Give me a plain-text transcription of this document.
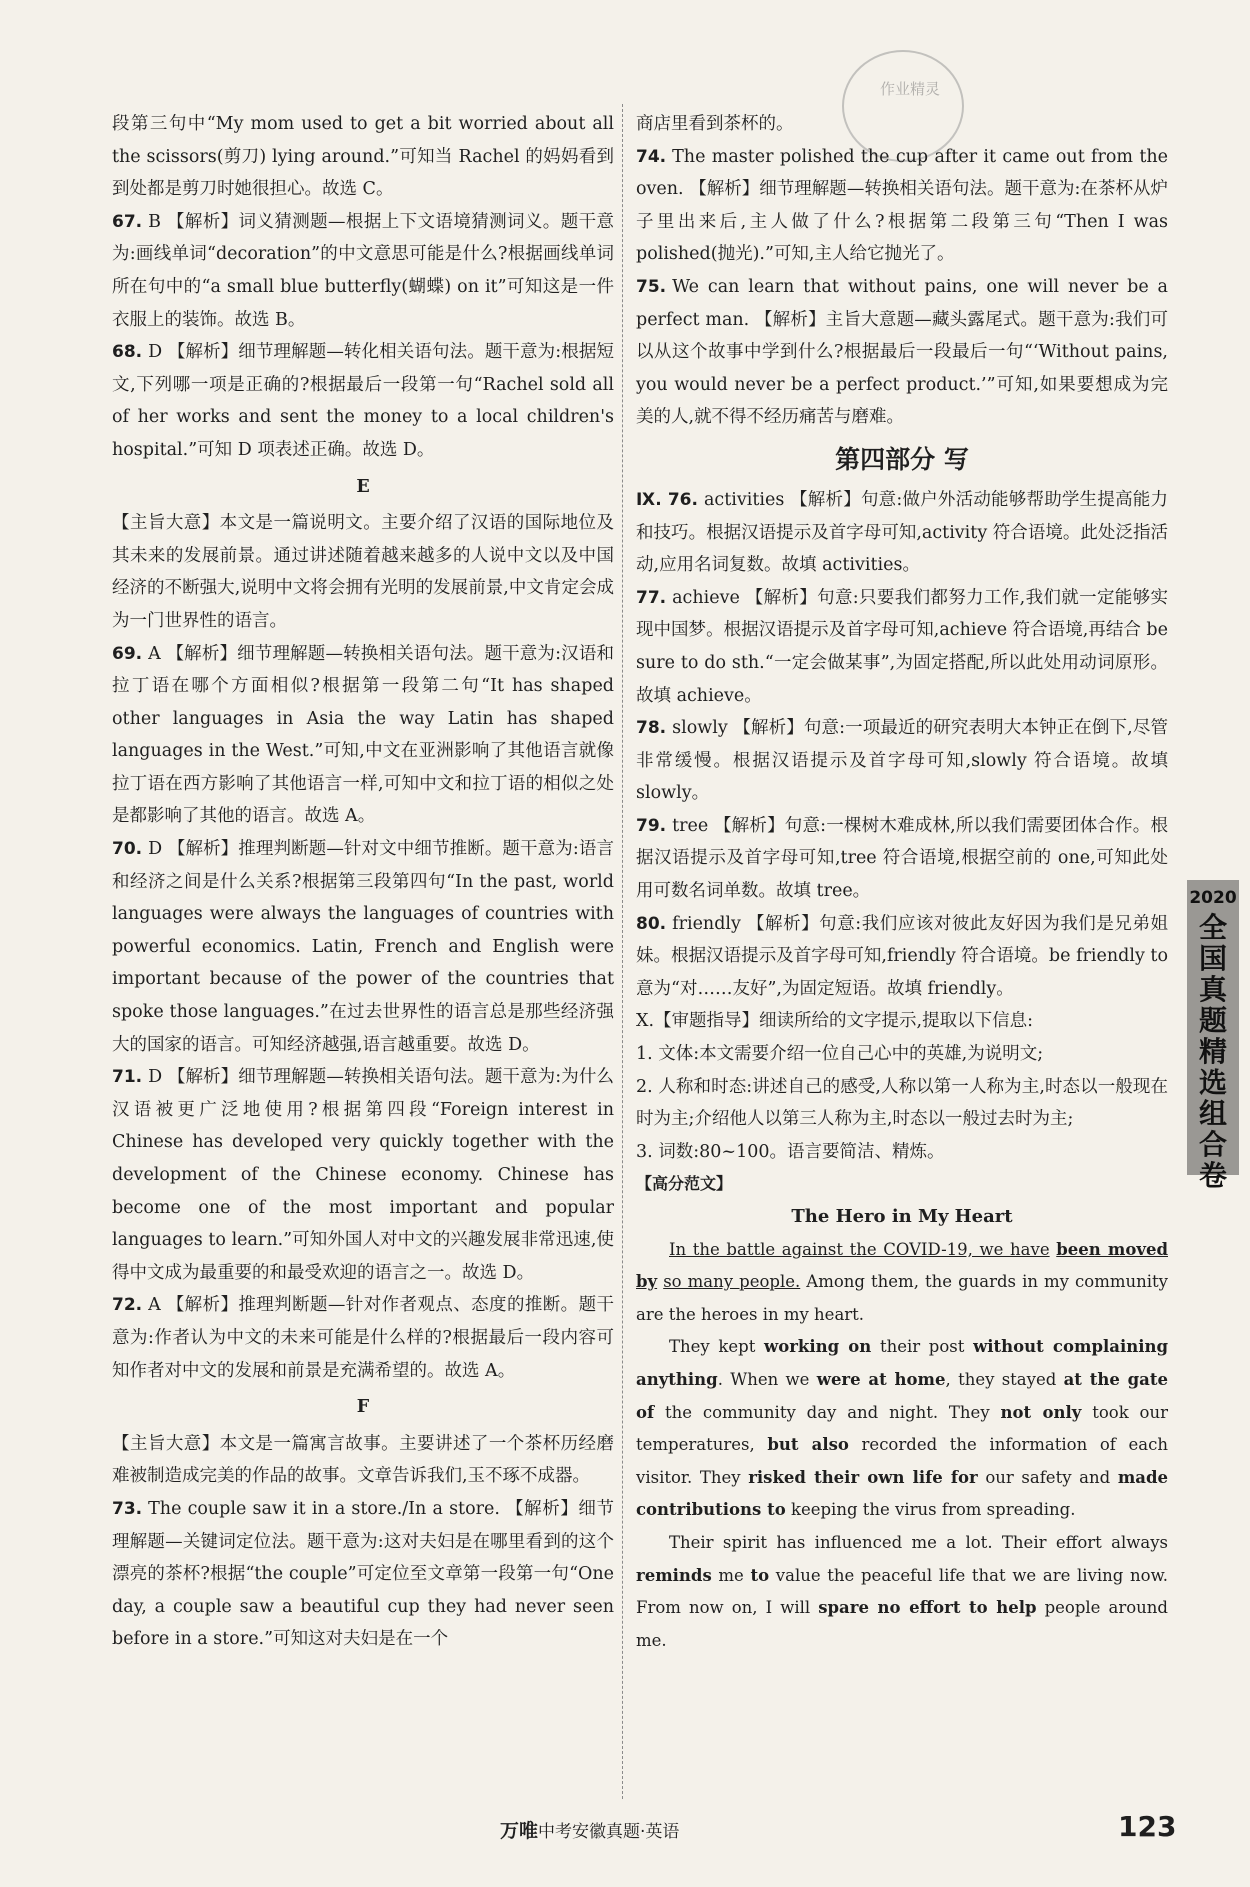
作业精灵

段第三句中“My mom used to get a bit worried about all the scissors(剪刀) lying around.”可知当 Rachel 的妈妈看到到处都是剪刀时她很担心。故选 C。

67. B 【解析】词义猜测题—根据上下文语境猜测词义。题干意为:画线单词“decoration”的中文意思可能是什么?根据画线单词所在句中的“a small blue butterfly(蝴蝶) on it”可知这是一件衣服上的装饰。故选 B。

68. D 【解析】细节理解题—转化相关语句法。题干意为:根据短文,下列哪一项是正确的?根据最后一段第一句“Rachel sold all of her works and sent the money to a local children's hospital.”可知 D 项表述正确。故选 D。

E

【主旨大意】本文是一篇说明文。主要介绍了汉语的国际地位及其未来的发展前景。通过讲述随着越来越多的人说中文以及中国经济的不断强大,说明中文将会拥有光明的发展前景,中文肯定会成为一门世界性的语言。

69. A 【解析】细节理解题—转换相关语句法。题干意为:汉语和拉丁语在哪个方面相似?根据第一段第二句“It has shaped other languages in Asia the way Latin has shaped languages in the West.”可知,中文在亚洲影响了其他语言就像拉丁语在西方影响了其他语言一样,可知中文和拉丁语的相似之处是都影响了其他的语言。故选 A。

70. D 【解析】推理判断题—针对文中细节推断。题干意为:语言和经济之间是什么关系?根据第三段第四句“In the past, world languages were always the languages of countries with powerful economics. Latin, French and English were important because of the power of the countries that spoke those languages.”在过去世界性的语言总是那些经济强大的国家的语言。可知经济越强,语言越重要。故选 D。

71. D 【解析】细节理解题—转换相关语句法。题干意为:为什么汉语被更广泛地使用?根据第四段“Foreign interest in Chinese has developed very quickly together with the development of the Chinese economy. Chinese has become one of the most important and popular languages to learn.”可知外国人对中文的兴趣发展非常迅速,使得中文成为最重要的和最受欢迎的语言之一。故选 D。

72. A 【解析】推理判断题—针对作者观点、态度的推断。题干意为:作者认为中文的未来可能是什么样的?根据最后一段内容可知作者对中文的发展和前景是充满希望的。故选 A。

F

【主旨大意】本文是一篇寓言故事。主要讲述了一个茶杯历经磨难被制造成完美的作品的故事。文章告诉我们,玉不琢不成器。

73. The couple saw it in a store./In a store. 【解析】细节理解题—关键词定位法。题干意为:这对夫妇是在哪里看到的这个漂亮的茶杯?根据“the couple”可定位至文章第一段第一句“One day, a couple saw a beautiful cup they had never seen before in a store.”可知这对夫妇是在一个

商店里看到茶杯的。

74. The master polished the cup after it came out from the oven. 【解析】细节理解题—转换相关语句法。题干意为:在茶杯从炉子里出来后,主人做了什么?根据第二段第三句“Then I was polished(抛光).”可知,主人给它抛光了。

75. We can learn that without pains, one will never be a perfect man. 【解析】主旨大意题—藏头露尾式。题干意为:我们可以从这个故事中学到什么?根据最后一段最后一句“‘Without pains, you would never be a perfect product.’”可知,如果要想成为完美的人,就不得不经历痛苦与磨难。

第四部分 写

Ⅸ. 76. activities 【解析】句意:做户外活动能够帮助学生提高能力和技巧。根据汉语提示及首字母可知,activity 符合语境。此处泛指活动,应用名词复数。故填 activities。

77. achieve 【解析】句意:只要我们都努力工作,我们就一定能够实现中国梦。根据汉语提示及首字母可知,achieve 符合语境,再结合 be sure to do sth.“一定会做某事”,为固定搭配,所以此处用动词原形。故填 achieve。

78. slowly 【解析】句意:一项最近的研究表明大本钟正在倒下,尽管非常缓慢。根据汉语提示及首字母可知,slowly 符合语境。故填 slowly。

79. tree 【解析】句意:一棵树木难成林,所以我们需要团体合作。根据汉语提示及首字母可知,tree 符合语境,根据空前的 one,可知此处用可数名词单数。故填 tree。

80. friendly 【解析】句意:我们应该对彼此友好因为我们是兄弟姐妹。根据汉语提示及首字母可知,friendly 符合语境。be friendly to 意为“对……友好”,为固定短语。故填 friendly。

Ⅹ.【审题指导】细读所给的文字提示,提取以下信息:

1. 文体:本文需要介绍一位自己心中的英雄,为说明文;

2. 人称和时态:讲述自己的感受,人称以第一人称为主,时态以一般现在时为主;介绍他人以第三人称为主,时态以一般过去时为主;

3. 词数:80~100。语言要简洁、精炼。

【高分范文】

The Hero in My Heart

In the battle against the COVID-19, we have been moved by so many people. Among them, the guards in my community are the heroes in my heart.

They kept working on their post without complaining anything. When we were at home, they stayed at the gate of the community day and night. They not only took our temperatures, but also recorded the information of each visitor. They risked their own life for our safety and made contributions to keeping the virus from spreading.

Their spirit has influenced me a lot. Their effort always reminds me to value the peaceful life that we are living now. From now on, I will spare no effort to help people around me.

2020
全国真题精选组合卷
万唯中考安徽真题·英语	123
